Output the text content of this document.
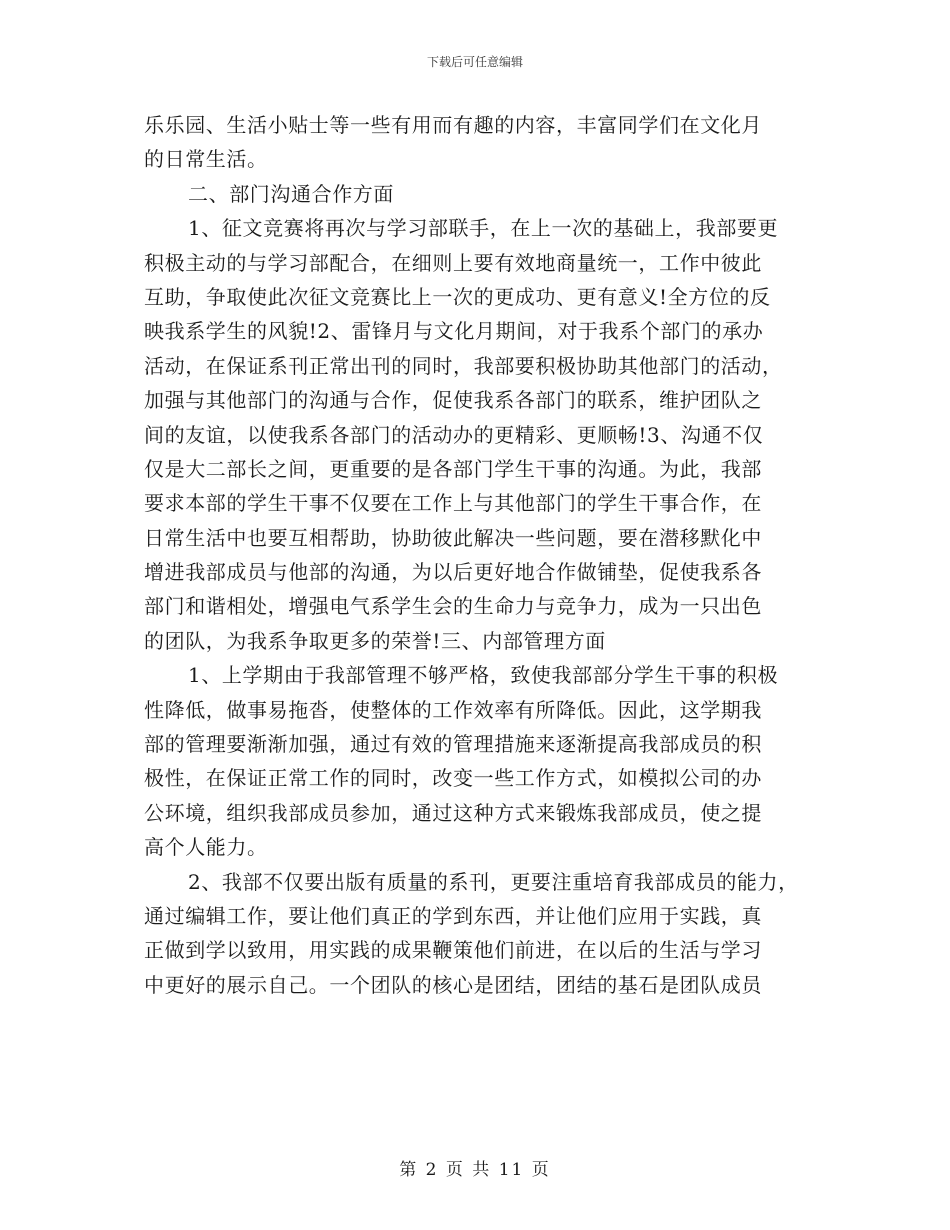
下载后可任意编辑
乐乐园、生活小贴士等一些有用而有趣的内容，丰富同学们在文化月
的日常生活。
二、部门沟通合作方面
1、征文竞赛将再次与学习部联手，在上一次的基础上，我部要更
积极主动的与学习部配合，在细则上要有效地商量统一，工作中彼此
互助，争取使此次征文竞赛比上一次的更成功、更有意义!全方位的反
映我系学生的风貌!2、雷锋月与文化月期间，对于我系个部门的承办
活动，在保证系刊正常出刊的同时，我部要积极协助其他部门的活动，
加强与其他部门的沟通与合作，促使我系各部门的联系，维护团队之
间的友谊，以使我系各部门的活动办的更精彩、更顺畅!3、沟通不仅
仅是大二部长之间，更重要的是各部门学生干事的沟通。为此，我部
要求本部的学生干事不仅要在工作上与其他部门的学生干事合作，在
日常生活中也要互相帮助，协助彼此解决一些问题，要在潜移默化中
增进我部成员与他部的沟通，为以后更好地合作做铺垫，促使我系各
部门和谐相处，增强电气系学生会的生命力与竞争力，成为一只出色
的团队，为我系争取更多的荣誉!三、内部管理方面
1、上学期由于我部管理不够严格，致使我部部分学生干事的积极
性降低，做事易拖沓，使整体的工作效率有所降低。因此，这学期我
部的管理要渐渐加强，通过有效的管理措施来逐渐提高我部成员的积
极性，在保证正常工作的同时，改变一些工作方式，如模拟公司的办
公环境，组织我部成员参加，通过这种方式来锻炼我部成员，使之提
高个人能力。
2、我部不仅要出版有质量的系刊，更要注重培育我部成员的能力，
通过编辑工作，要让他们真正的学到东西，并让他们应用于实践，真
正做到学以致用，用实践的成果鞭策他们前进，在以后的生活与学习
中更好的展示自己。一个团队的核心是团结，团结的基石是团队成员
第 2 页 共 11 页
